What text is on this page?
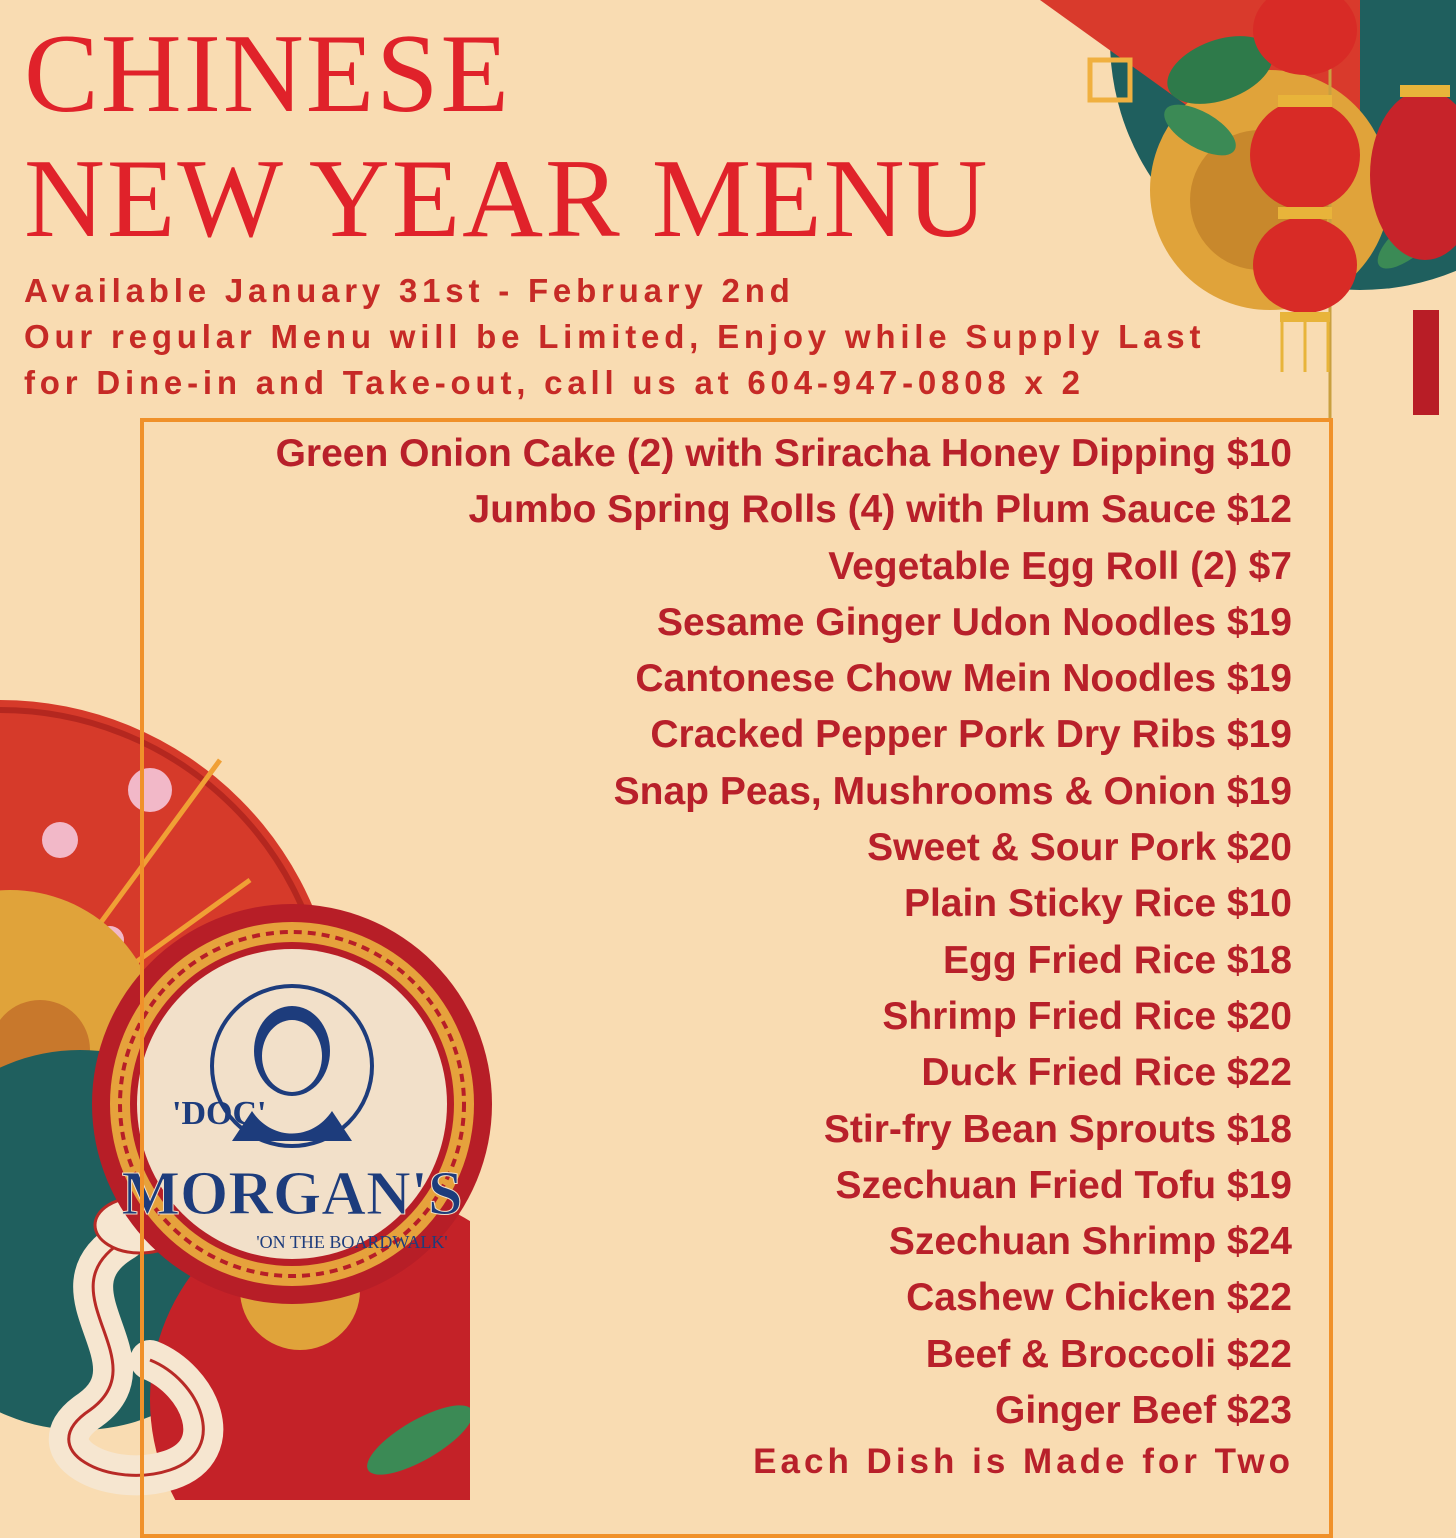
'DOC'
MORGAN'S
'ON THE BOARDWALK'
CHINESE
NEW YEAR MENU
Available January 31st - February 2nd
Our regular Menu will be Limited, Enjoy while Supply Last
for Dine-in and Take-out, call us at 604-947-0808 x 2
Green Onion Cake (2) with Sriracha Honey Dipping $10
Jumbo Spring Rolls (4) with Plum Sauce $12
Vegetable Egg Roll (2) $7
Sesame Ginger Udon Noodles $19
Cantonese Chow Mein Noodles $19
Cracked Pepper Pork Dry Ribs $19
Snap Peas, Mushrooms & Onion $19
Sweet & Sour Pork $20
Plain Sticky Rice $10
Egg Fried Rice $18
Shrimp Fried Rice $20
Duck Fried Rice $22
Stir-fry Bean Sprouts $18
Szechuan Fried Tofu $19
Szechuan Shrimp $24
Cashew Chicken $22
Beef & Broccoli $22
Ginger Beef $23
Each Dish is Made for Two
